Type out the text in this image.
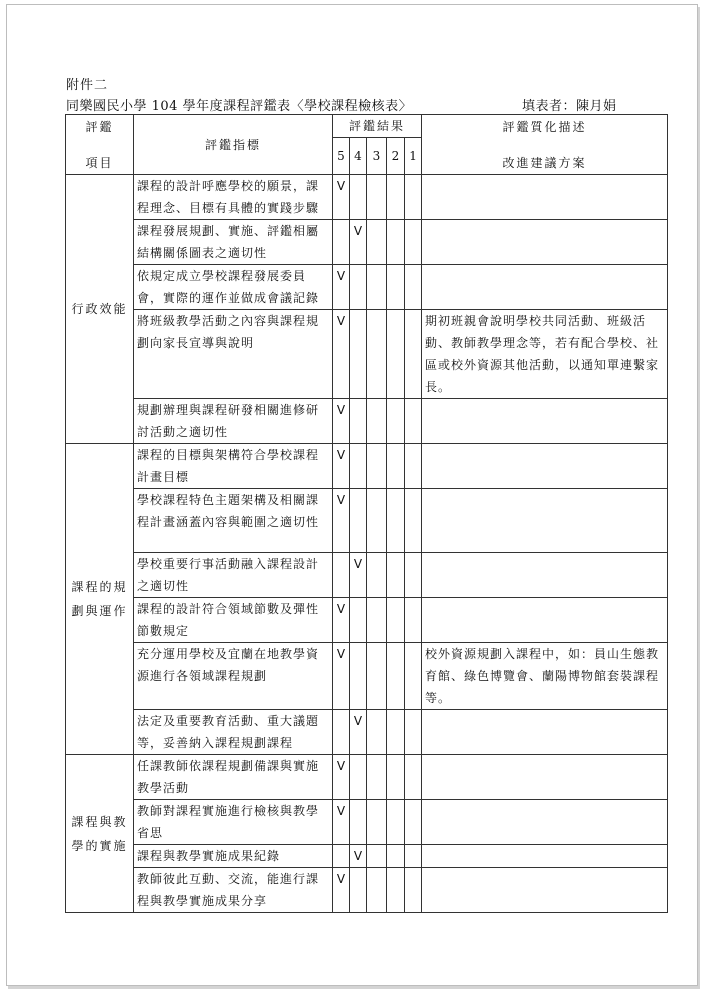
附件二
同樂國民小學 104 學年度課程評鑑表〈學校課程檢核表〉	填表者：陳月娟
評鑑
項目	評鑑指標	評鑑結果					評鑑質化描述
改進建議方案

		5	4	3	2	1	
行政效能	課程的設計呼應學校的願景，課程理念、目標有具體的實踐步驟	V					
	課程發展規劃、實施、評鑑相屬結構關係圖表之適切性		V				
	依規定成立學校課程發展委員會，實際的運作並做成會議記錄	V					
	將班級教學活動之內容與課程規劃向家長宣導與說明	V					期初班親會說明學校共同活動、班級活動、教師教學理念等，若有配合學校、社區或校外資源其他活動，以通知單連繫家長。
	規劃辦理與課程研發相關進修研討活動之適切性	V					
課程的規劃與運作	課程的目標與架構符合學校課程計畫目標	V					
	學校課程特色主題架構及相關課程計畫涵蓋內容與範圍之適切性	V					
	學校重要行事活動融入課程設計之適切性		V				
	課程的設計符合領域節數及彈性節數規定	V					
	充分運用學校及宜蘭在地教學資源進行各領域課程規劃	V					校外資源規劃入課程中，如：員山生態教育館、綠色博覽會、蘭陽博物館套裝課程等。
	法定及重要教育活動、重大議題等，妥善納入課程規劃課程		V				
課程與教學的實施	任課教師依課程規劃備課與實施教學活動	V					
	教師對課程實施進行檢核與教學省思	V					
	課程與教學實施成果紀錄		V				
	教師彼此互動、交流，能進行課程與教學實施成果分享	V					
